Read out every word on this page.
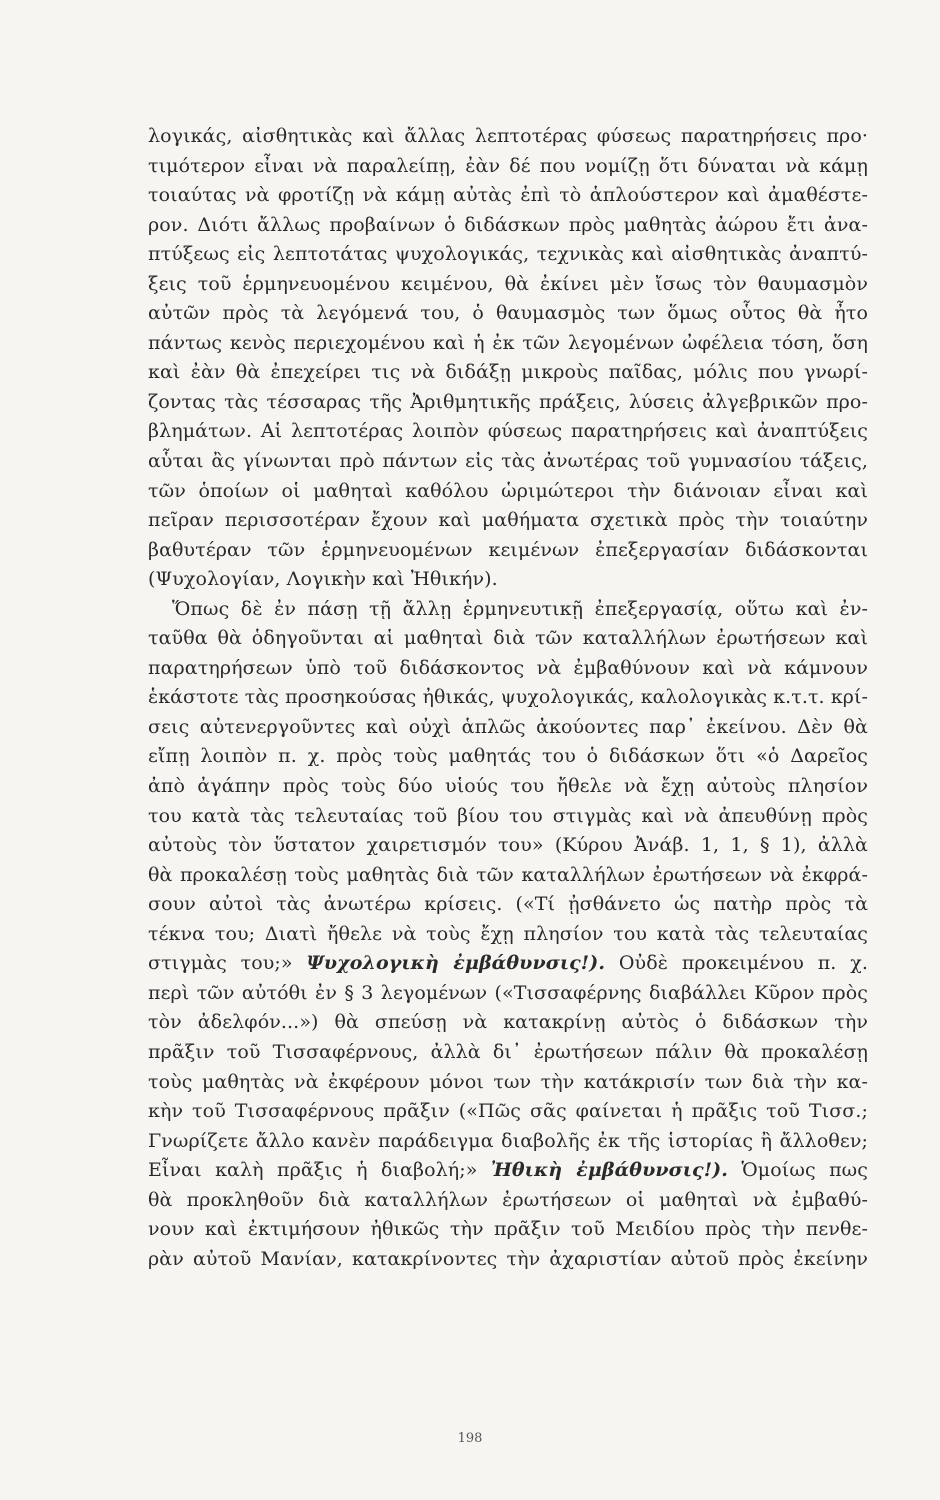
λογικάς, αἰσθητικὰς καὶ ἄλλας λεπτοτέρας φύσεως παρατηρήσεις προ·
τιμότερον εἶναι νὰ παραλείπῃ, ἐὰν δέ που νομίζῃ ὅτι δύναται νὰ κάμῃ
τοιαύτας νὰ φροτίζῃ νὰ κάμῃ αὐτὰς ἐπὶ τὸ ἁπλούστερον καὶ ἀμαθέστε-
ρον. Διότι ἄλλως προβαίνων ὁ διδάσκων πρὸς μαθητὰς ἀώρου ἔτι ἀνα-
πτύξεως εἰς λεπτοτάτας ψυχολογικάς, τεχνικὰς καὶ αἰσθητικὰς ἀναπτύ-
ξεις τοῦ ἑρμηνευομένου κειμένου, θὰ ἐκίνει μὲν ἴσως τὸν θαυμασμὸν
αὐτῶν πρὸς τὰ λεγόμενά του, ὁ θαυμασμὸς των ὅμως οὗτος θὰ ἦτο
πάντως κενὸς περιεχομένου καὶ ἡ ἐκ τῶν λεγομένων ὠφέλεια τόση, ὅση
καὶ ἐὰν θὰ ἐπεχείρει τις νὰ διδάξῃ μικροὺς παῖδας, μόλις που γνωρί-
ζοντας τὰς τέσσαρας τῆς Ἀριθμητικῆς πράξεις, λύσεις ἀλγεβρικῶν προ-
βλημάτων. Αἱ λεπτοτέρας λοιπὸν φύσεως παρατηρήσεις καὶ ἀναπτύξεις
αὗται ἂς γίνωνται πρὸ πάντων εἰς τὰς ἀνωτέρας τοῦ γυμνασίου τάξεις,
τῶν ὁποίων οἱ μαθηταὶ καθόλου ὡριμώτεροι τὴν διάνοιαν εἶναι καὶ
πεῖραν περισσοτέραν ἔχουν καὶ μαθήματα σχετικὰ πρὸς τὴν τοιαύτην
βαθυτέραν τῶν ἑρμηνευομένων κειμένων ἐπεξεργασίαν διδάσκονται
(Ψυχολογίαν, Λογικὴν καὶ Ἠθικήν).
Ὅπως δὲ ἐν πάσῃ τῇ ἄλλῃ ἑρμηνευτικῇ ἐπεξεργασίᾳ, οὕτω καὶ ἐν-
ταῦθα θὰ ὁδηγοῦνται αἱ μαθηταὶ διὰ τῶν καταλλήλων ἐρωτήσεων καὶ
παρατηρήσεων ὑπὸ τοῦ διδάσκοντος νὰ ἐμβαθύνουν καὶ νὰ κάμνουν
ἑκάστοτε τὰς προσηκούσας ἠθικάς, ψυχολογικάς, καλολογικὰς κ.τ.τ. κρί-
σεις αὐτενεργοῦντες καὶ οὐχὶ ἁπλῶς ἀκούοντες παρ᾽ ἐκείνου. Δὲν θὰ
εἴπῃ λοιπὸν π. χ. πρὸς τοὺς μαθητάς του ὁ διδάσκων ὅτι «ὁ Δαρεῖος
ἀπὸ ἀγάπην πρὸς τοὺς δύο υἱούς του ἤθελε νὰ ἔχῃ αὐτοὺς πλησίον
του κατὰ τὰς τελευταίας τοῦ βίου του στιγμὰς καὶ νὰ ἀπευθύνῃ πρὸς
αὐτοὺς τὸν ὕστατον χαιρετισμόν του» (Κύρου Ἀνάβ. 1, 1, § 1), ἀλλὰ
θὰ προκαλέσῃ τοὺς μαθητὰς διὰ τῶν καταλλήλων ἐρωτήσεων νὰ ἐκφρά-
σουν αὐτοὶ τὰς ἀνωτέρω κρίσεις. («Τί ᾐσθάνετο ὡς πατὴρ πρὸς τὰ
τέκνα του; Διατὶ ἤθελε νὰ τοὺς ἔχῃ πλησίον του κατὰ τὰς τελευταίας
στιγμὰς του;» Ψυχολογικὴ ἐμβάθυνσις!). Οὐδὲ προκειμένου π. χ.
περὶ τῶν αὐτόθι ἐν § 3 λεγομένων («Τισσαφέρνης διαβάλλει Κῦρον πρὸς
τὸν ἀδελφόν...») θὰ σπεύσῃ νὰ κατακρίνῃ αὐτὸς ὁ διδάσκων τὴν
πρᾶξιν τοῦ Τισσαφέρνους, ἀλλὰ δι᾽ ἐρωτήσεων πάλιν θὰ προκαλέσῃ
τοὺς μαθητὰς νὰ ἐκφέρουν μόνοι των τὴν κατάκρισίν των διὰ τὴν κα-
κὴν τοῦ Τισσαφέρνους πρᾶξιν («Πῶς σᾶς φαίνεται ἡ πρᾶξις τοῦ Τισσ.;
Γνωρίζετε ἄλλο κανὲν παράδειγμα διαβολῆς ἐκ τῆς ἱστορίας ἢ ἄλλοθεν;
Εἶναι καλὴ πρᾶξις ἡ διαβολή;» Ἠθικὴ ἐμβάθυνσις!). Ὁμοίως πως
θὰ προκληθοῦν διὰ καταλλήλων ἐρωτήσεων οἱ μαθηταὶ νὰ ἐμβαθύ-
νουν καὶ ἐκτιμήσουν ἠθικῶς τὴν πρᾶξιν τοῦ Μειδίου πρὸς τὴν πενθε-
ρὰν αὐτοῦ Μανίαν, κατακρίνοντες τὴν ἀχαριστίαν αὐτοῦ πρὸς ἐκείνην
198
